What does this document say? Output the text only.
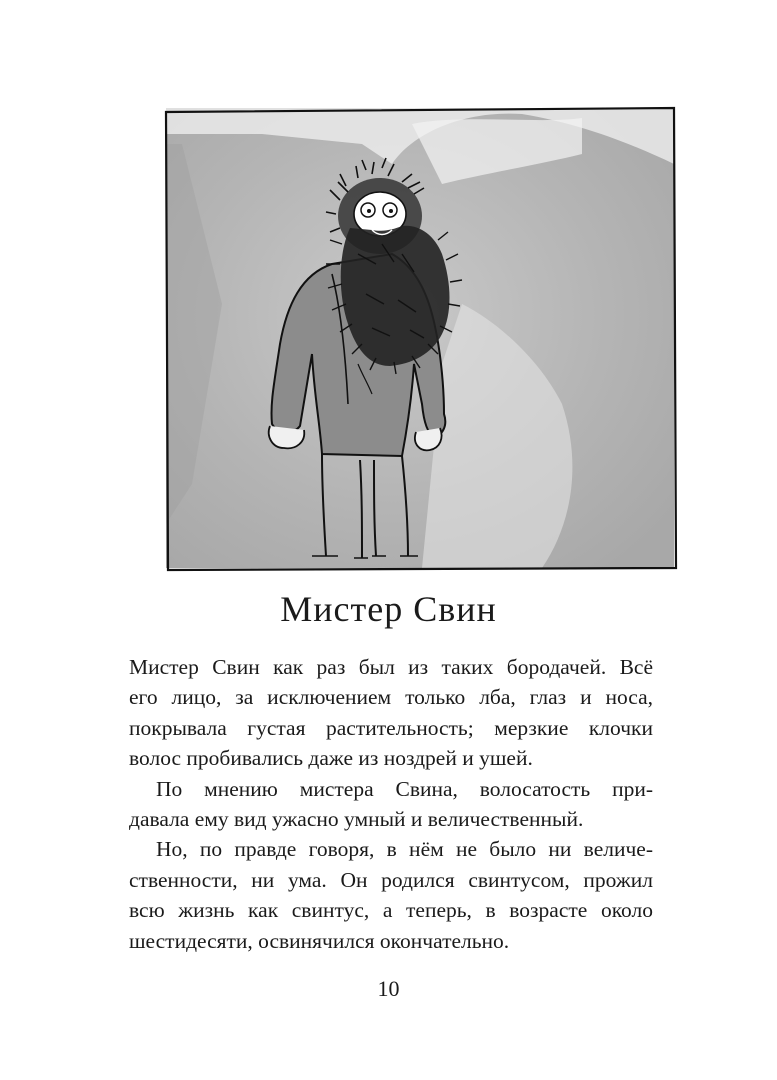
Мистер Свин
Мистер Свин как раз был из таких бородачей. Всё
его лицо, за исключением только лба, глаз и носа,
покрывала густая растительность; мерзкие клочки
волос пробивались даже из ноздрей и ушей.
По мнению мистера Свина, волосатость при-
давала ему вид ужасно умный и величественный.
Но, по правде говоря, в нём не было ни величе-
ственности, ни ума. Он родился свинтусом, прожил
всю жизнь как свинтус, а теперь, в возрасте около
шестидесяти, освинячился окончательно.
10
